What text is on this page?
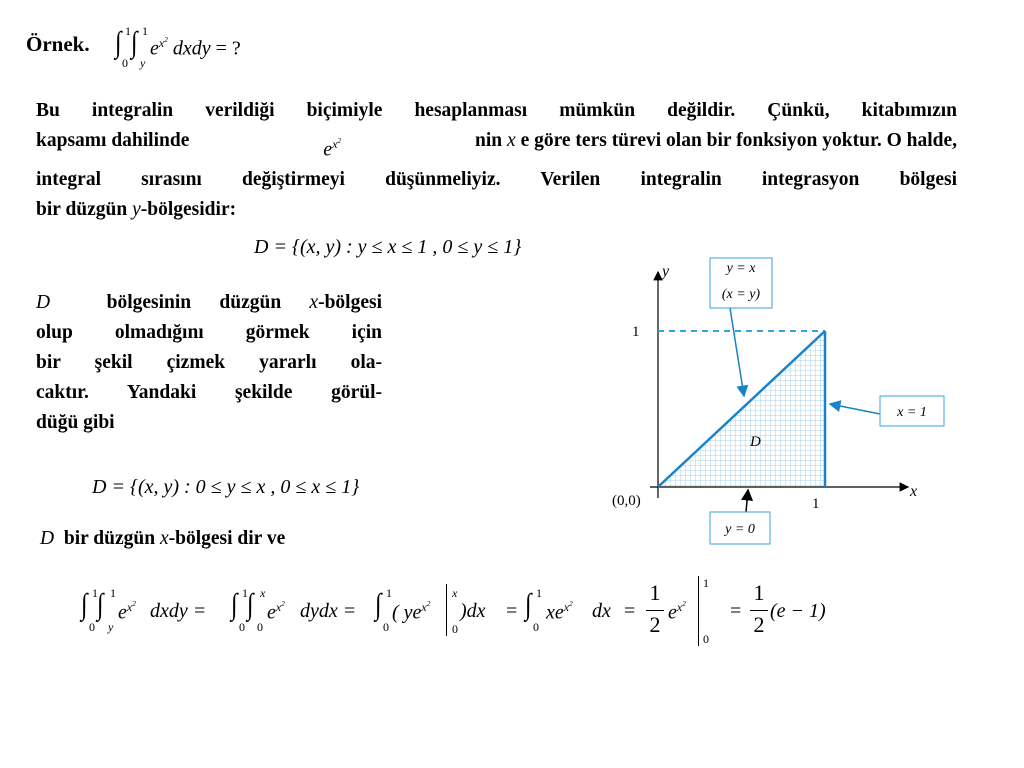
Örnek. ∫ 1
0
∫ 1
y
$e^{x^2}$ dxdy = ?
Bu integralin verildiği biçimiyle hesaplanması mümkün değildir. Çünkü, kitabımızın
kapsamı dahilinde	$e^{x^2}$	nin x e göre ters türevi olan bir fonksiyon yoktur. O halde,
integral sırasını değiştirmeyi düşünmeliyiz. Verilen integralin integrasyon bölgesi
bir düzgün y-bölgesidir:
D = {(x, y) : y ≤ x ≤ 1 , 0 ≤ y ≤ 1}
D	bölgesinin düzgün x-bölgesi
olup olmadığını görmek için
bir şekil çizmek yararlı ola-
caktır. Yandaki şekilde görül-
düğü gibi
D = {(x, y) : 0 ≤ y ≤ x , 0 ≤ x ≤ 1}
D bir düzgün x-bölgesi dir ve
∫ 1
0
∫ 1
y
$e^{x^2}$ dxdy = ∫ 1
0
∫ x
0
$e^{x^2}$ dydx = ∫ 1
0
( $ye^{x^2}$
x
0
)dx = ∫ 1
0
$xe^{x^2}$ dx =
1
2 $e^{x^2}$
1
0
=
1
2
(e − 1)
y
x
1
1
(0,0)
D
y = x
(x = y)
x = 1
y = 0
